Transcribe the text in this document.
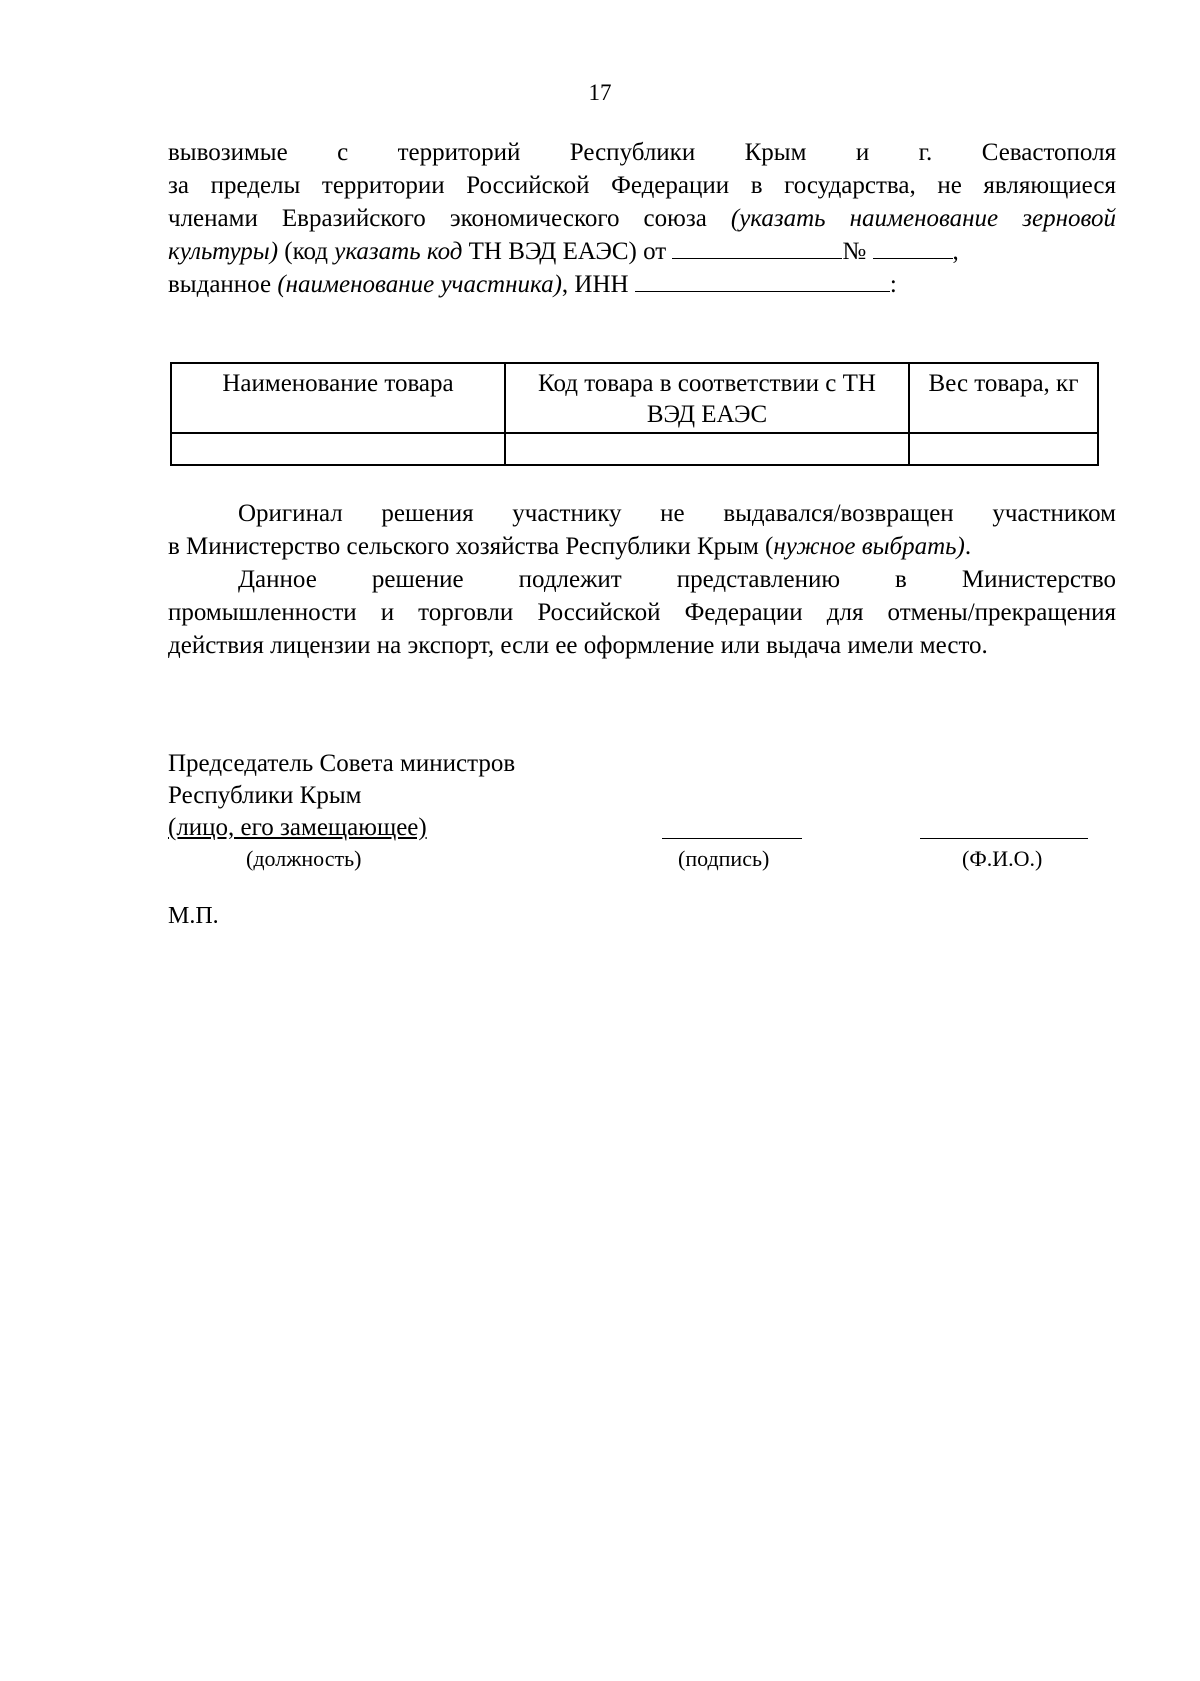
17
вывозимые с территорий Республики Крым и г. Севастополя
за пределы территории Российской Федерации в государства, не являющиеся
членами Евразийского экономического союза (указать наименование зерновой
культуры) (код указать код ТН ВЭД ЕАЭС) от	№	,
выданное (наименование участника), ИНН	:
Наименование товара	Код товара в соответствии с ТН ВЭД ЕАЭС	Вес товара, кг

Оригинал решения участнику не выдавался/возвращен участником
в Министерство сельского хозяйства Республики Крым (нужное выбрать).
Данное решение подлежит представлению в Министерство
промышленности и торговли Российской Федерации для отмены/прекращения
действия лицензии на экспорт, если ее оформление или выдача имели место.
Председатель Совета министров
Республики Крым
(лицо, его замещающее)
(должность)	(подпись)	(Ф.И.О.)
М.П.
